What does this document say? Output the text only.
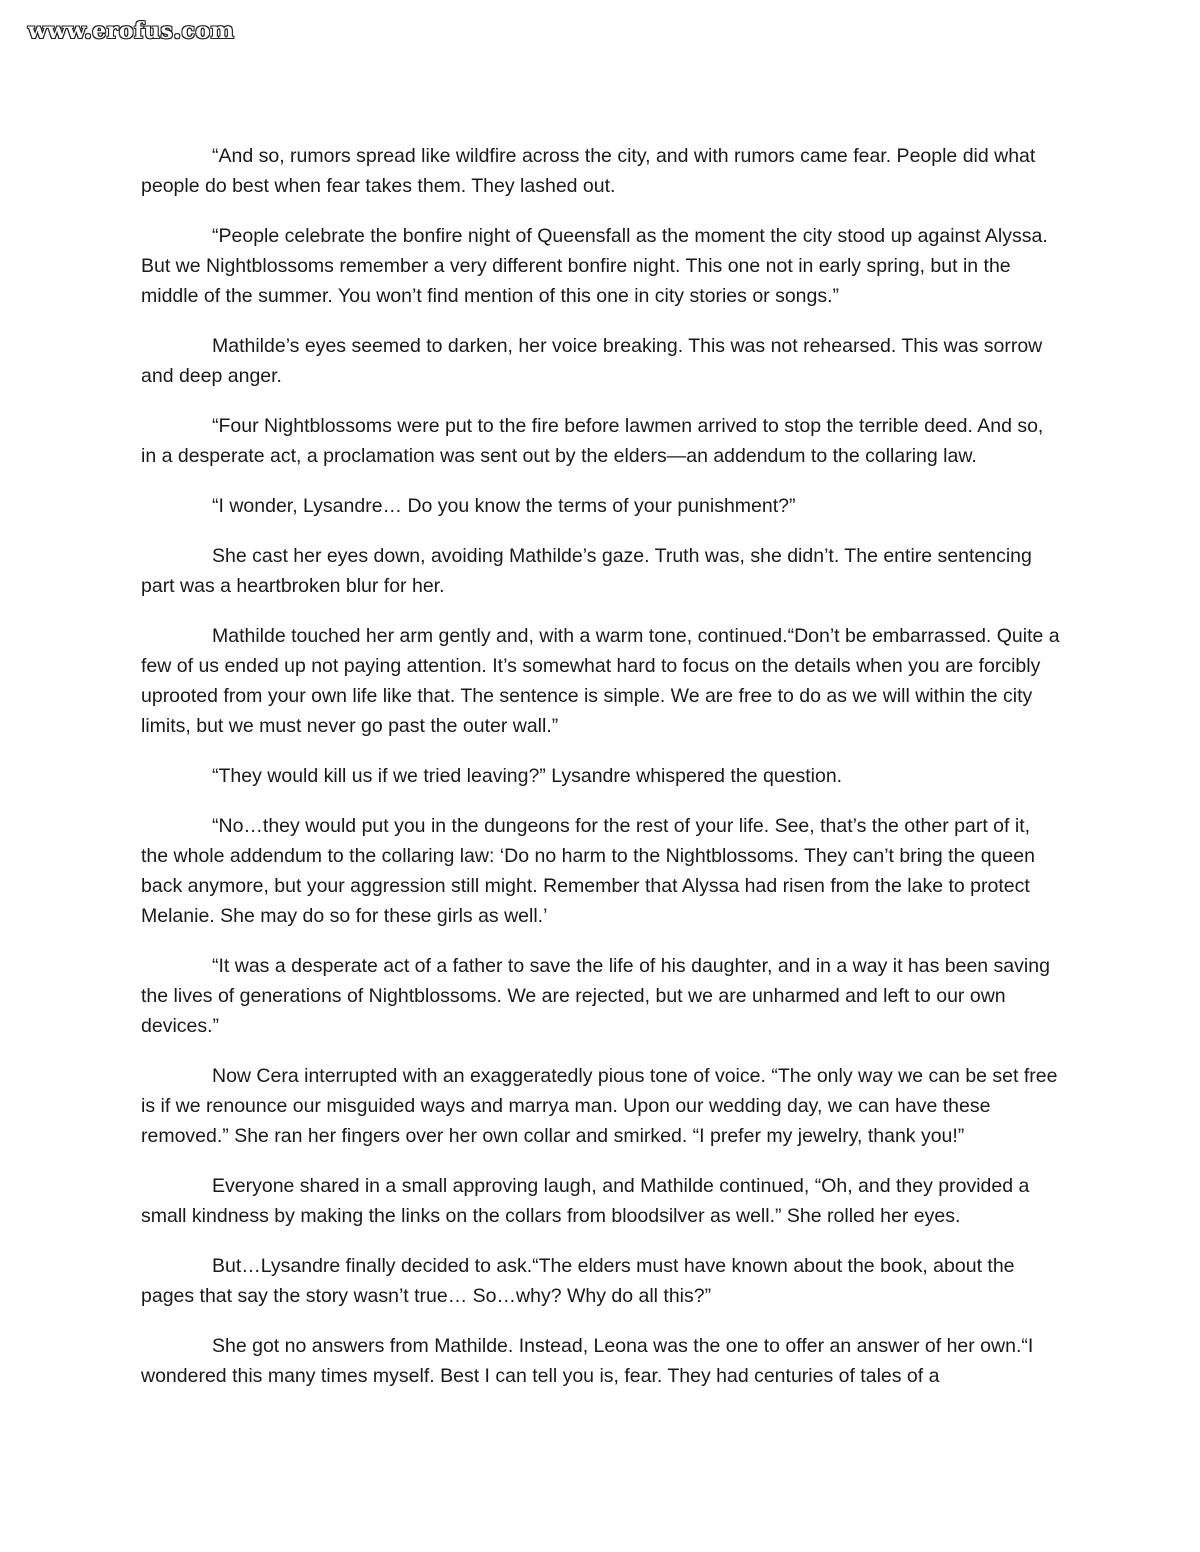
www.erofus.com

“And so, rumors spread like wildfire across the city, and with rumors came fear. People did what people do best when fear takes them. They lashed out.

“People celebrate the bonfire night of Queensfall as the moment the city stood up against Alyssa. But we Nightblossoms remember a very different bonfire night. This one not in early spring, but in the middle of the summer. You won’t find mention of this one in city stories or songs.”

Mathilde’s eyes seemed to darken, her voice breaking. This was not rehearsed. This was sorrow and deep anger.

“Four Nightblossoms were put to the fire before lawmen arrived to stop the terrible deed. And so, in a desperate act, a proclamation was sent out by the elders—an addendum to the collaring law.

“I wonder, Lysandre… Do you know the terms of your punishment?”

She cast her eyes down, avoiding Mathilde’s gaze. Truth was, she didn’t. The entire sentencing part was a heartbroken blur for her.

Mathilde touched her arm gently and, with a warm tone, continued.“Don’t be embarrassed. Quite a few of us ended up not paying attention. It’s somewhat hard to focus on the details when you are forcibly uprooted from your own life like that. The sentence is simple. We are free to do as we will within the city limits, but we must never go past the outer wall.”

“They would kill us if we tried leaving?” Lysandre whispered the question.

“No…they would put you in the dungeons for the rest of your life. See, that’s the other part of it, the whole addendum to the collaring law: ‘Do no harm to the Nightblossoms. They can’t bring the queen back anymore, but your aggression still might. Remember that Alyssa had risen from the lake to protect Melanie. She may do so for these girls as well.’

“It was a desperate act of a father to save the life of his daughter, and in a way it has been saving the lives of generations of Nightblossoms. We are rejected, but we are unharmed and left to our own devices.”

Now Cera interrupted with an exaggeratedly pious tone of voice. “The only way we can be set free is if we renounce our misguided ways and marrya man. Upon our wedding day, we can have these removed.” She ran her fingers over her own collar and smirked. “I prefer my jewelry, thank you!”

Everyone shared in a small approving laugh, and Mathilde continued, “Oh, and they provided a small kindness by making the links on the collars from bloodsilver as well.” She rolled her eyes.

But…Lysandre finally decided to ask.“The elders must have known about the book, about the pages that say the story wasn’t true… So…why? Why do all this?”

She got no answers from Mathilde. Instead, Leona was the one to offer an answer of her own.“I wondered this many times myself. Best I can tell you is, fear. They had centuries of tales of a
